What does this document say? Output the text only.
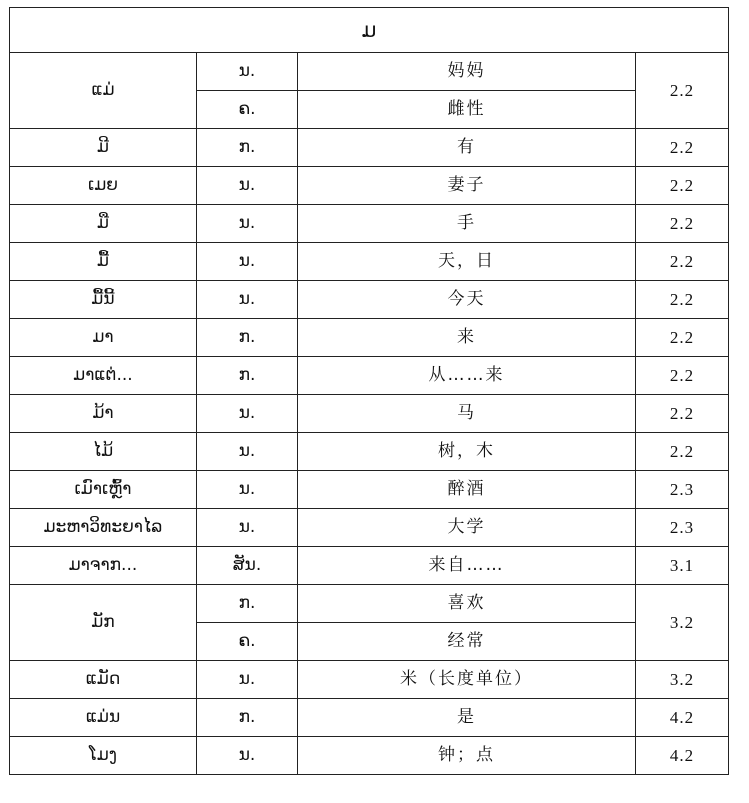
ມ			
ແມ່	ນ.	妈妈	2.2
	ຄ.	雌性	
ມີ	ກ.	有	2.2
ເມຍ	ນ.	妻子	2.2
ມື	ນ.	手	2.2
ມື້	ນ.	天，日	2.2
ມື້ນີ້	ນ.	今天	2.2
ມາ	ກ.	来	2.2
ມາແຕ່...	ກ.	从……来	2.2
ມ້າ	ນ.	马	2.2
ໄມ້	ນ.	树，木	2.2
ເມົາເຫຼົ້າ	ນ.	醉酒	2.3
ມະຫາວິທະຍາໄລ	ນ.	大学	2.3
ມາຈາກ...	ສັນ.	来自……	3.1
ມັກ	ກ.	喜欢	3.2
	ຄ.	经常	
ແມັດ	ນ.	米（长度单位）	3.2
ແມ່ນ	ກ.	是	4.2
ໂມງ	ນ.	钟；点	4.2
